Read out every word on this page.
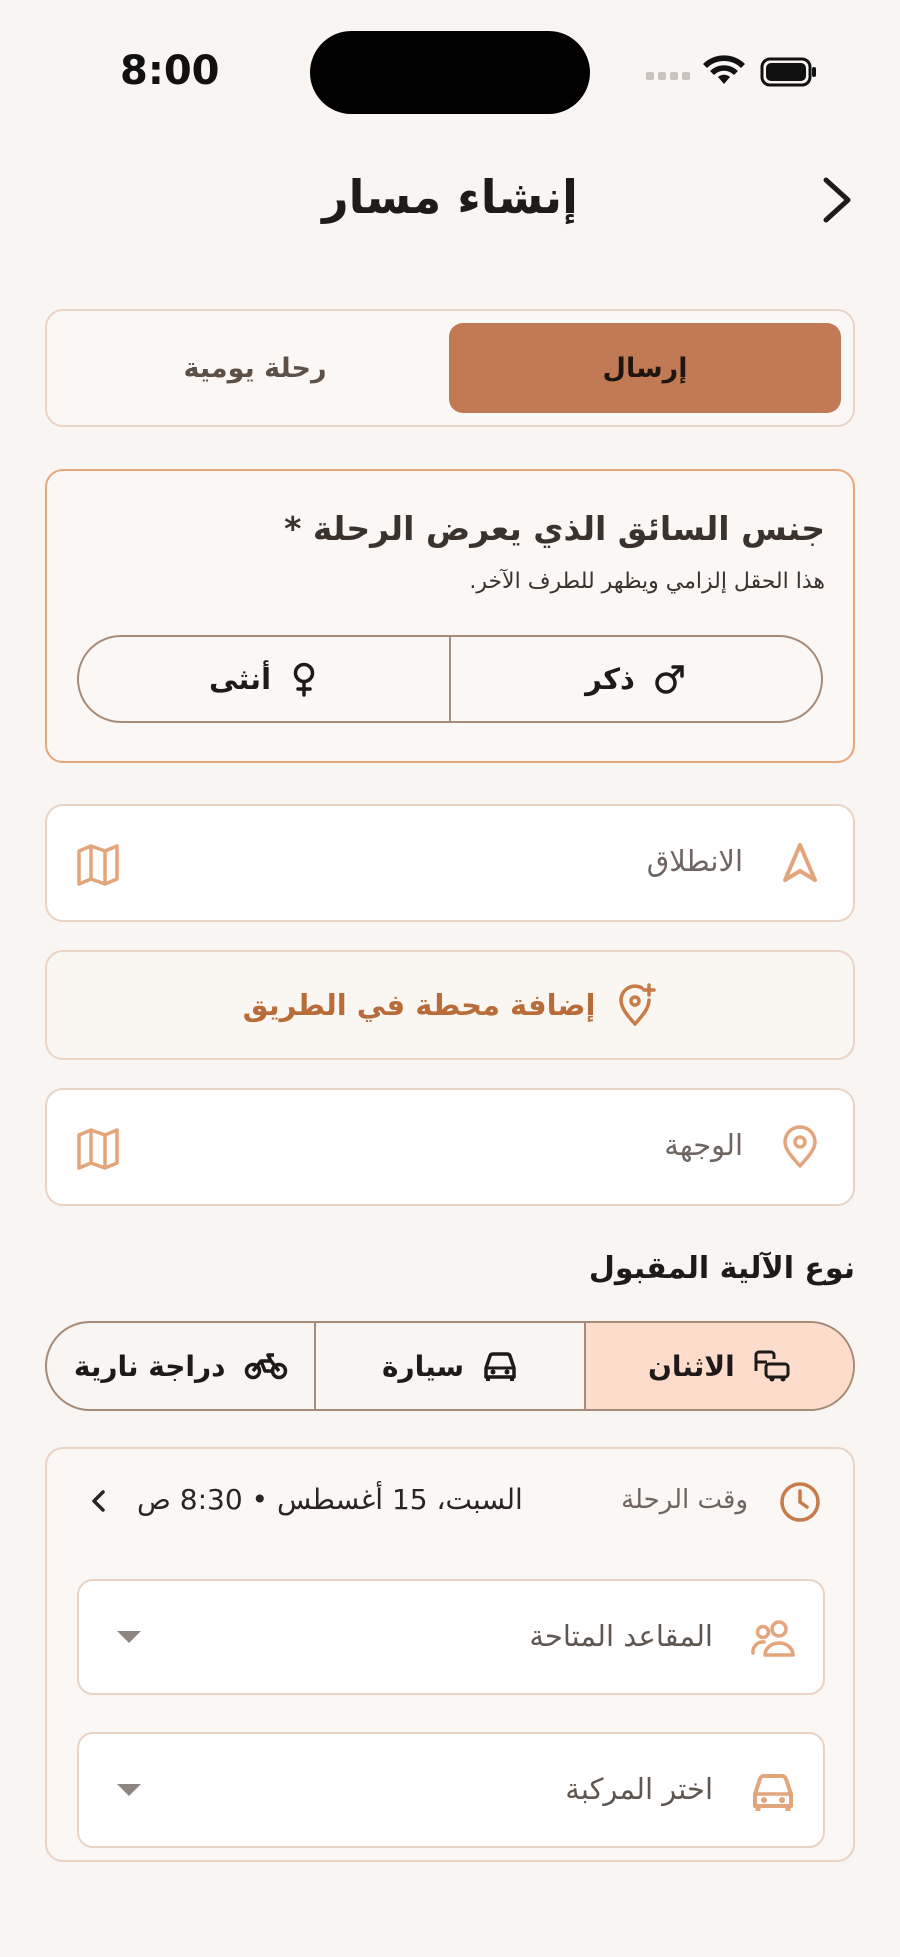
8:00
إنشاء مسار
إرسال
رحلة يومية
جنس السائق الذي يعرض الرحلة *
هذا الحقل إلزامي ويظهر للطرف الآخر.
ذكر
أنثى
الانطلاق
إضافة محطة في الطريق
الوجهة
نوع الآلية المقبول
الاثنان
سيارة
دراجة نارية
وقت الرحلة
السبت، 15 أغسطس • 8:30 ص
المقاعد المتاحة
اختر المركبة
